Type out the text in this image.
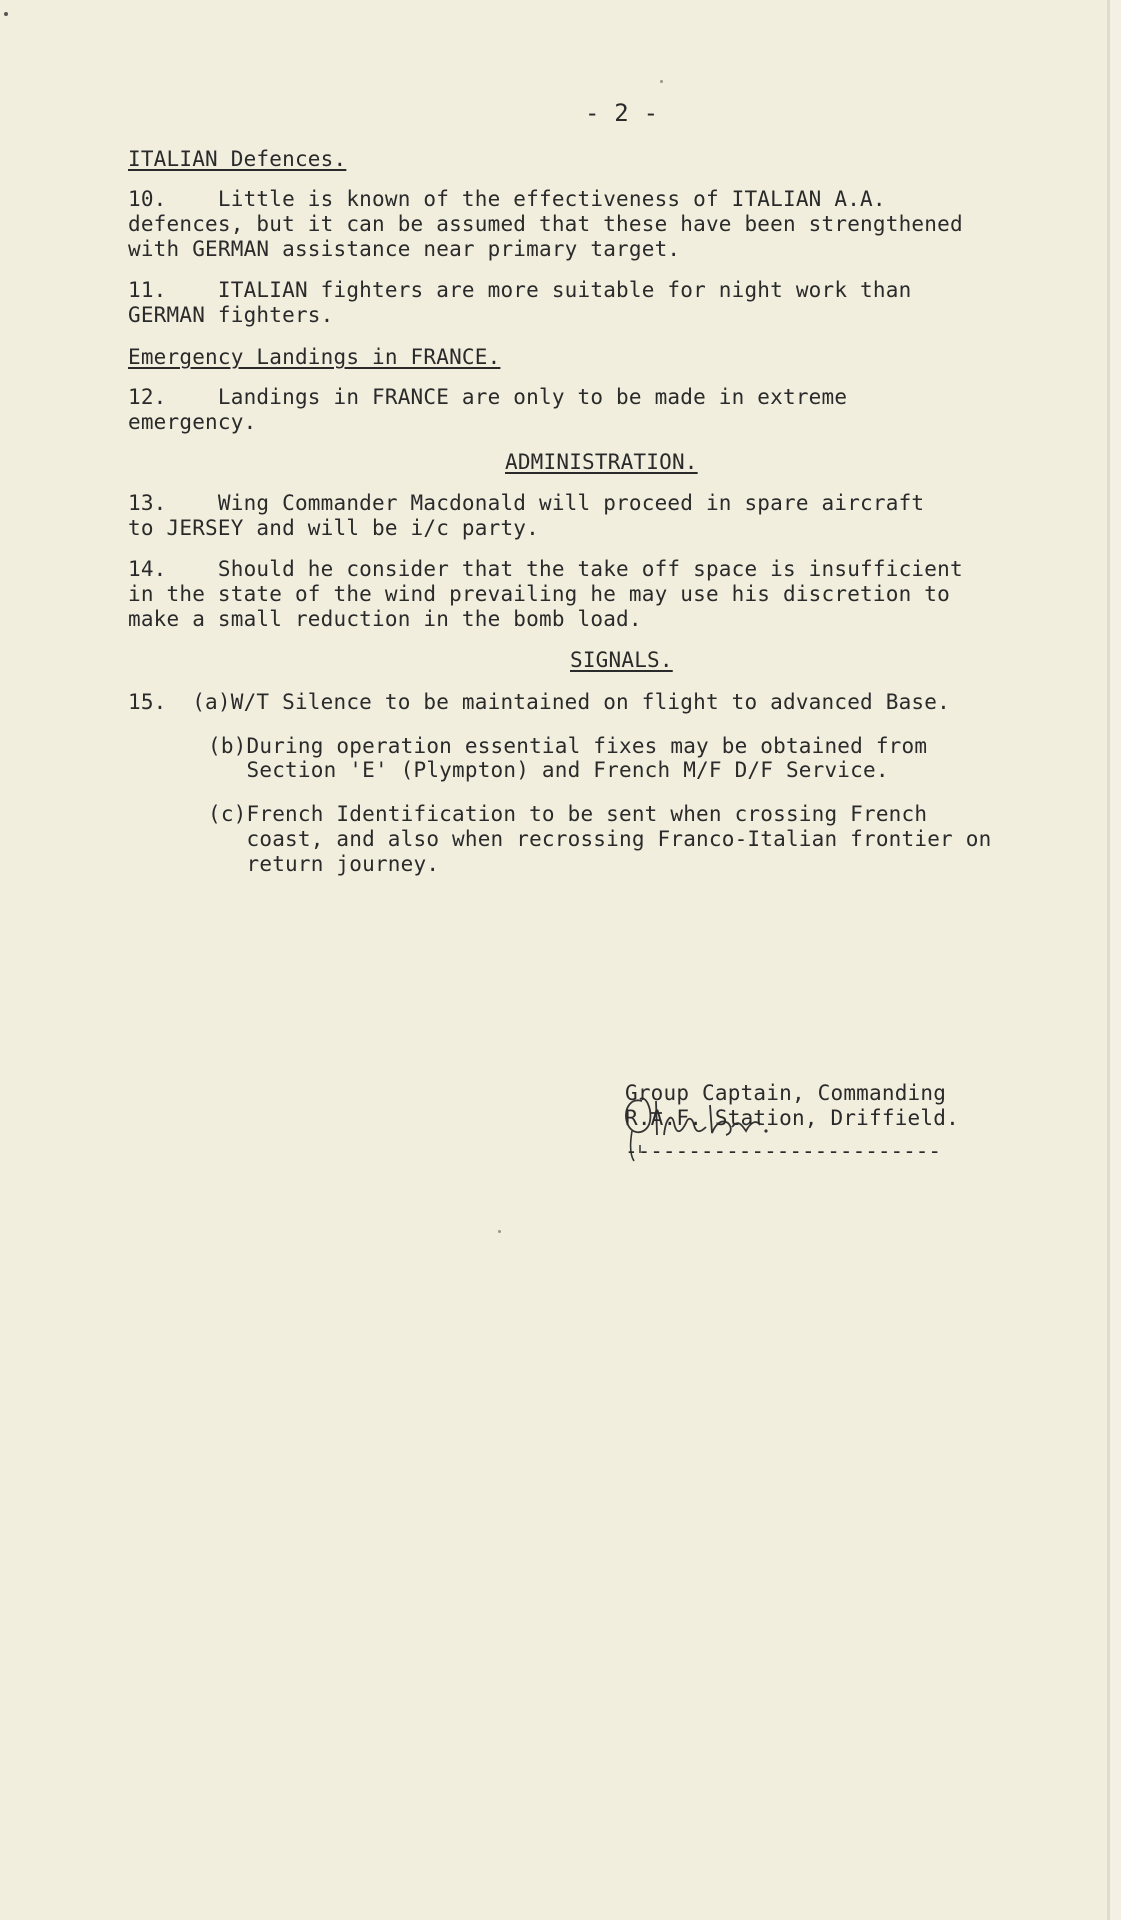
- 2 -
ITALIAN Defences.
10.    Little is known of the effectiveness of ITALIAN A.A.
defences, but it can be assumed that these have been strengthened
with GERMAN assistance near primary target.
11.    ITALIAN fighters are more suitable for night work than
GERMAN fighters.
Emergency Landings in FRANCE.
12.    Landings in FRANCE are only to be made in extreme
emergency.
ADMINISTRATION.
13.    Wing Commander Macdonald will proceed in spare aircraft
to JERSEY and will be i/c party.
14.    Should he consider that the take off space is insufficient
in the state of the wind prevailing he may use his discretion to
make a small reduction in the bomb load.
SIGNALS.
15.  (a)W/T Silence to be maintained on flight to advanced Base.
(b)During operation essential fixes may be obtained from
Section 'E' (Plympton) and French M/F D/F Service.
(c)French Identification to be sent when crossing French
coast, and also when recrossing Franco-Italian frontier on
return journey.
Group Captain, Commanding
R.A.F. Station, Driffield.
-------------------------
